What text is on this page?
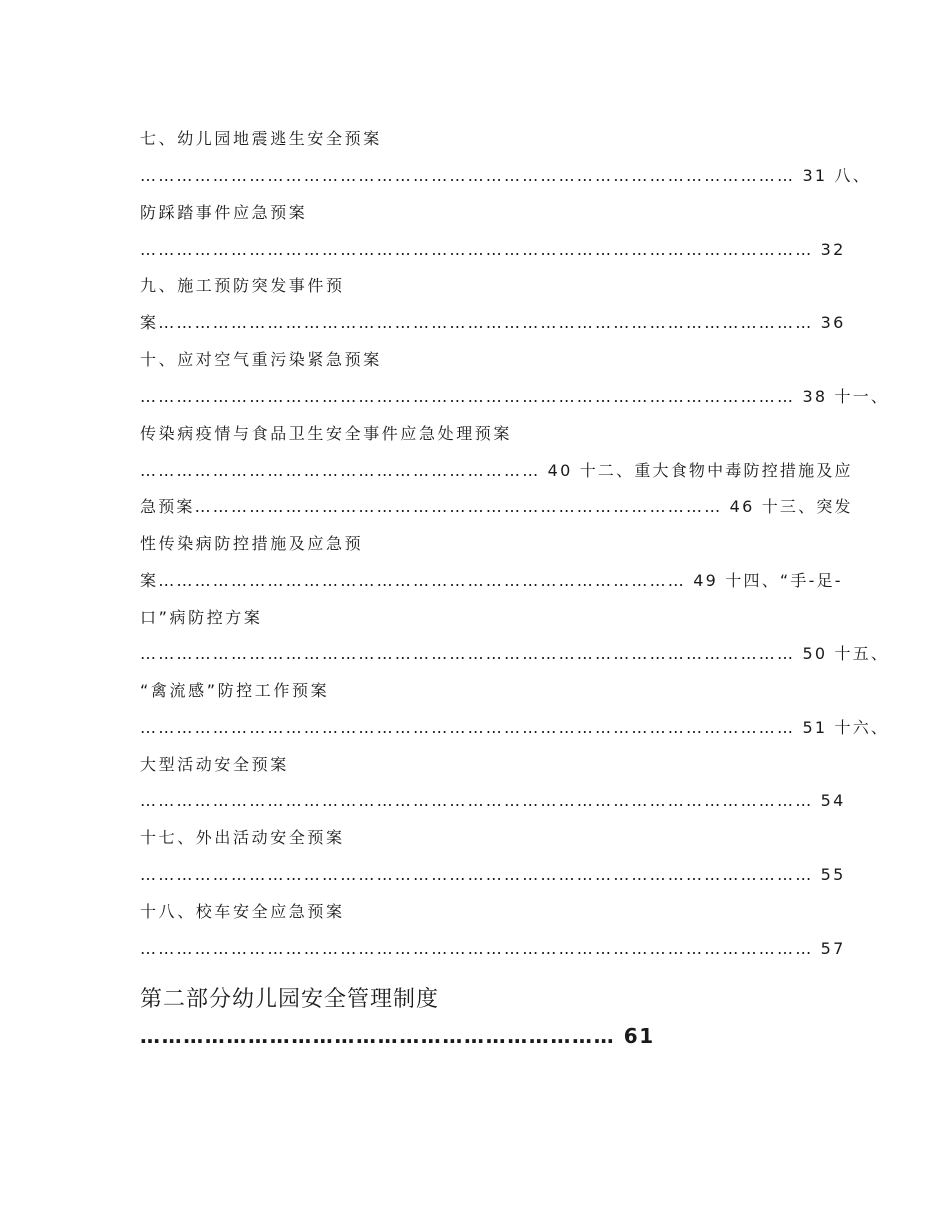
七、幼儿园地震逃生安全预案
……………………………………………………………………………………………… 31 八、
防踩踏事件应急预案
………………………………………………………………………………………………… 32
九、施工预防突发事件预
案……………………………………………………………………………………………… 36
十、应对空气重污染紧急预案
……………………………………………………………………………………………… 38 十一、
传染病疫情与食品卫生安全事件应急处理预案
………………………………………………………… 40 十二、重大食物中毒防控措施及应
急预案…………………………………………………………………………… 46 十三、突发
性传染病防控措施及应急预
案…………………………………………………………………………… 49 十四、“手-足-
口”病防控方案
……………………………………………………………………………………………… 50 十五、
“禽流感”防控工作预案
……………………………………………………………………………………………… 51 十六、
大型活动安全预案
………………………………………………………………………………………………… 54
十七、外出活动安全预案
………………………………………………………………………………………………… 55
十八、校车安全应急预案
………………………………………………………………………………………………… 57
第二部分幼儿园安全管理制度
………………………………………………………… 61
